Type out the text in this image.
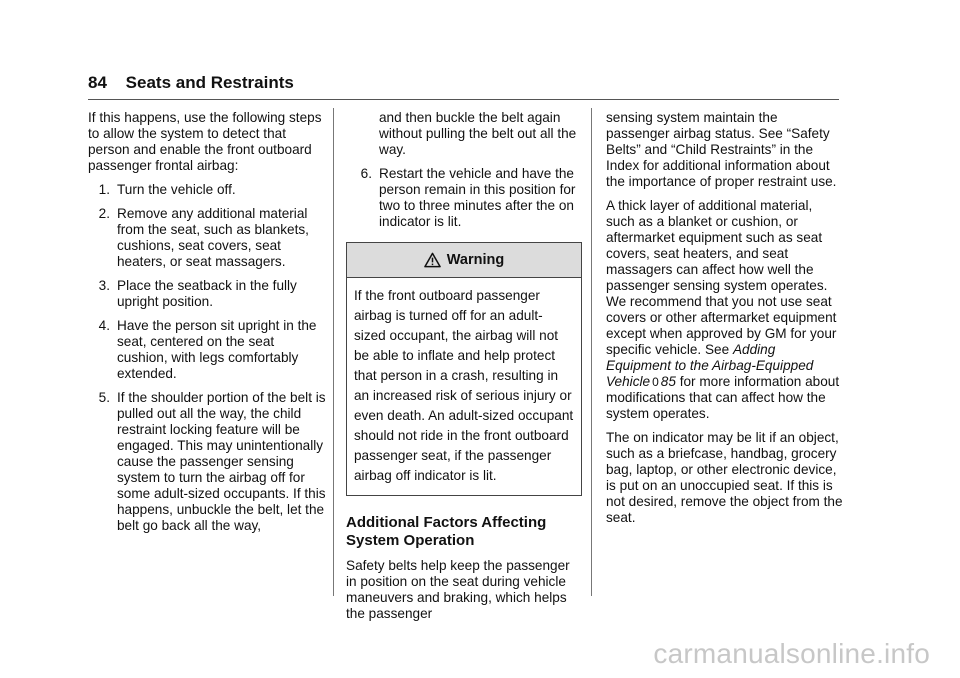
84 Seats and Restraints

If this happens, use the following steps to allow the system to detect that person and enable the front outboard passenger frontal airbag:

1. Turn the vehicle off.
2. Remove any additional material from the seat, such as blankets, cushions, seat covers, seat heaters, or seat massagers.
3. Place the seatback in the fully upright position.
4. Have the person sit upright in the seat, centered on the seat cushion, with legs comfortably extended.
5. If the shoulder portion of the belt is pulled out all the way, the child restraint locking feature will be engaged. This may unintentionally cause the passenger sensing system to turn the airbag off for some adult-sized occupants. If this happens, unbuckle the belt, let the belt go back all the way,
and then buckle the belt again without pulling the belt out all the way.
6. Restart the vehicle and have the person remain in this position for two to three minutes after the on indicator is lit.
Warning
If the front outboard passenger airbag is turned off for an adult-sized occupant, the airbag will not be able to inflate and help protect that person in a crash, resulting in an increased risk of serious injury or even death. An adult-sized occupant should not ride in the front outboard passenger seat, if the passenger airbag off indicator is lit.
Additional Factors Affecting System Operation

Safety belts help keep the passenger in position on the seat during vehicle maneuvers and braking, which helps the passenger

sensing system maintain the passenger airbag status. See “Safety Belts” and “Child Restraints” in the Index for additional information about the importance of proper restraint use.

A thick layer of additional material, such as a blanket or cushion, or aftermarket equipment such as seat covers, seat heaters, and seat massagers can affect how well the passenger sensing system operates. We recommend that you not use seat covers or other aftermarket equipment except when approved by GM for your specific vehicle. See Adding Equipment to the Airbag-Equipped Vehicle 0 85 for more information about modifications that can affect how the system operates.

The on indicator may be lit if an object, such as a briefcase, handbag, grocery bag, laptop, or other electronic device, is put on an unoccupied seat. If this is not desired, remove the object from the seat.

carmanualsonline.info
